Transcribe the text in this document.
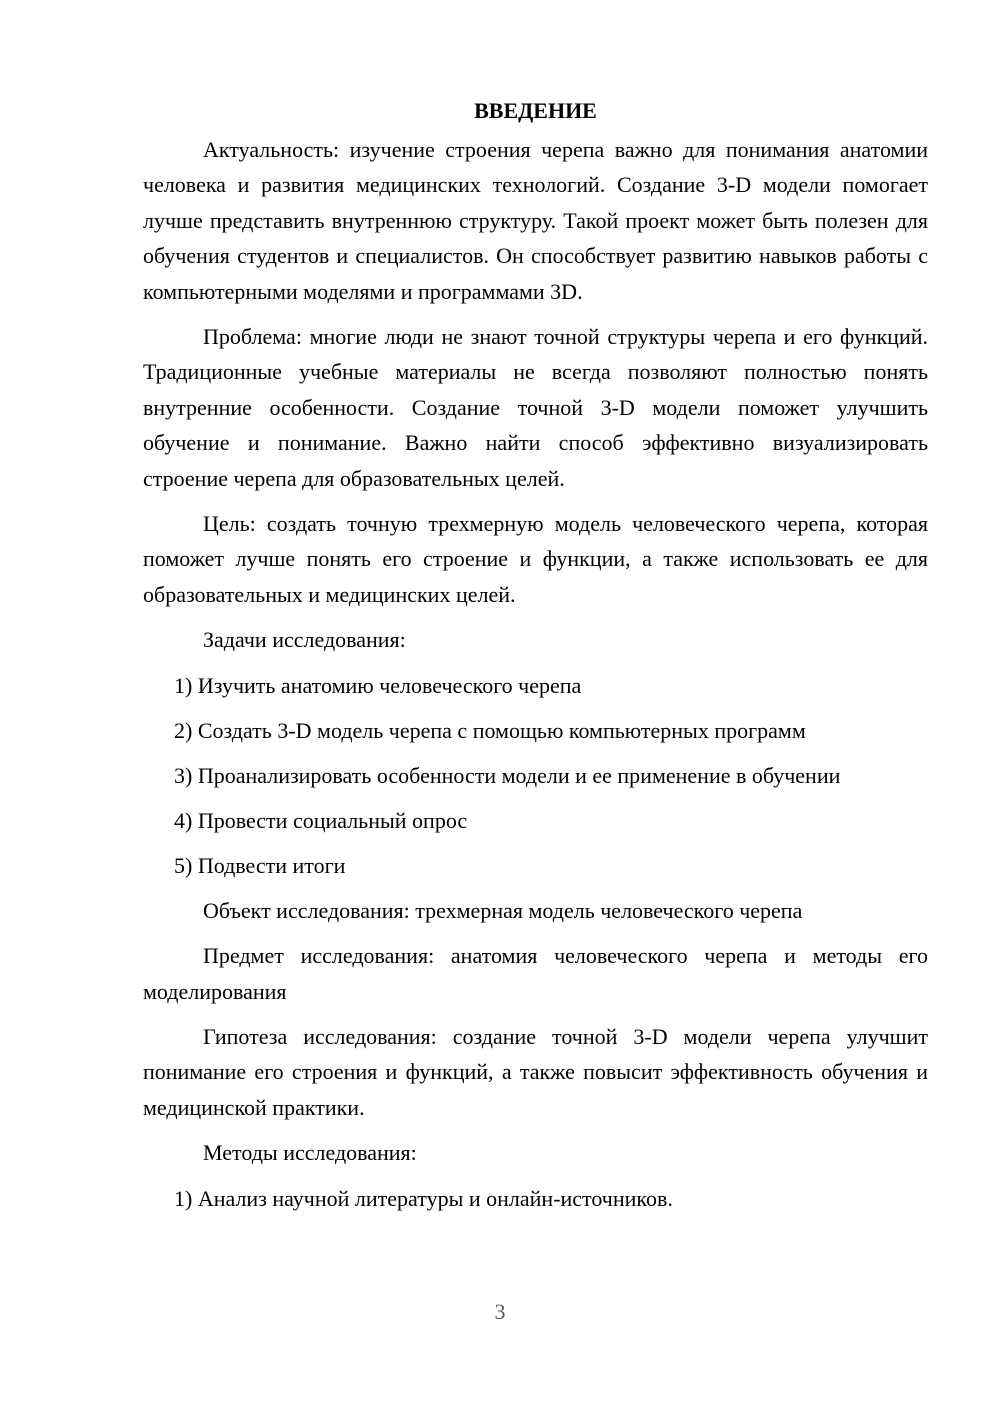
ВВЕДЕНИЕ

Актуальность: изучение строения черепа важно для понимания анатомии человека и развития медицинских технологий. Создание 3-D модели помогает лучше представить внутреннюю структуру. Такой проект может быть полезен для обучения студентов и специалистов. Он способствует развитию навыков работы с компьютерными моделями и программами 3D.

Проблема: многие люди не знают точной структуры черепа и его функций. Традиционные учебные материалы не всегда позволяют полностью понять внутренние особенности. Создание точной 3-D модели поможет улучшить обучение и понимание. Важно найти способ эффективно визуализировать строение черепа для образовательных целей.

Цель: создать точную трехмерную модель человеческого черепа, которая поможет лучше понять его строение и функции, а также использовать ее для образовательных и медицинских целей.

Задачи исследования:

1) Изучить анатомию человеческого черепа

2) Создать 3-D модель черепа с помощью компьютерных программ

3) Проанализировать особенности модели и ее применение в обучении

4) Провести социальный опрос

5) Подвести итоги

Объект исследования: трехмерная модель человеческого черепа

Предмет исследования: анатомия человеческого черепа и методы его моделирования

Гипотеза исследования: создание точной 3-D модели черепа улучшит понимание его строения и функций, а также повысит эффективность обучения и медицинской практики.

Методы исследования:

1) Анализ научной литературы и онлайн-источников.

3
